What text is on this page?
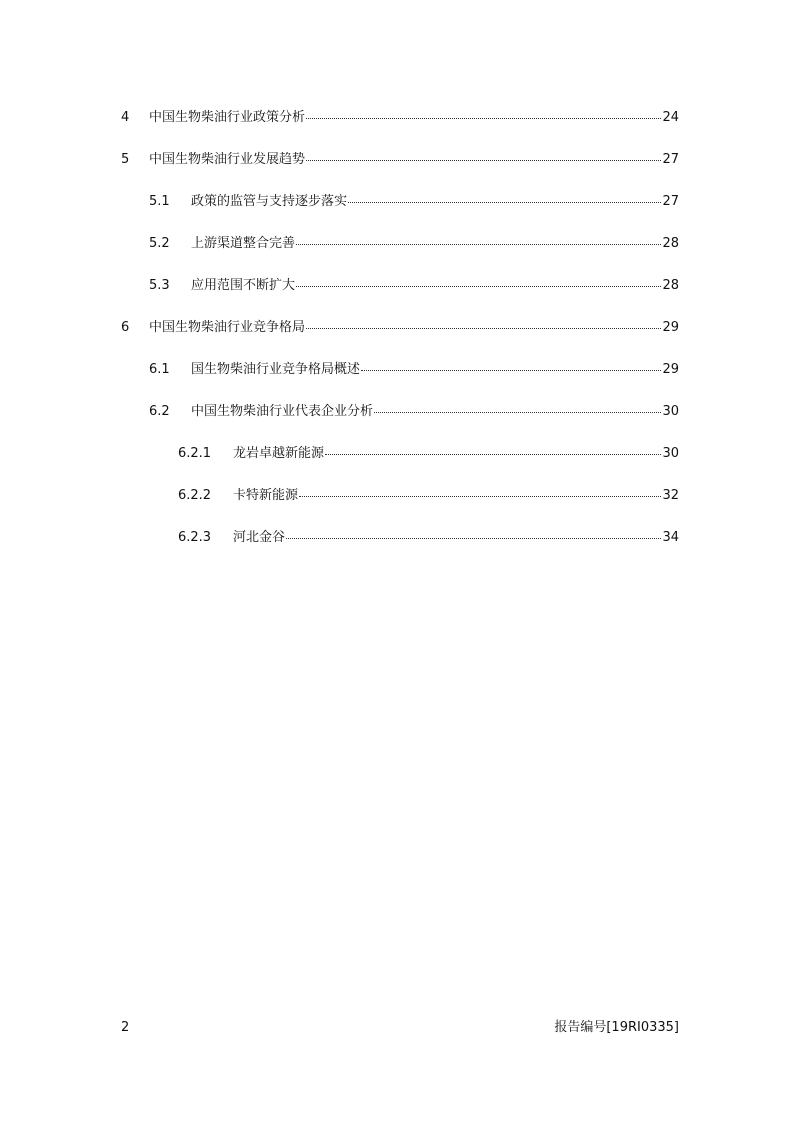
4	中国生物柴油行业政策分析	24
5	中国生物柴油行业发展趋势	27
5.1	政策的监管与支持逐步落实	27
5.2	上游渠道整合完善	28
5.3	应用范围不断扩大	28
6	中国生物柴油行业竞争格局	29
6.1	国生物柴油行业竞争格局概述	29
6.2	中国生物柴油行业代表企业分析	30
6.2.1	龙岩卓越新能源	30
6.2.2	卡特新能源	32
6.2.3	河北金谷	34
2	报告编号[19RI0335]
